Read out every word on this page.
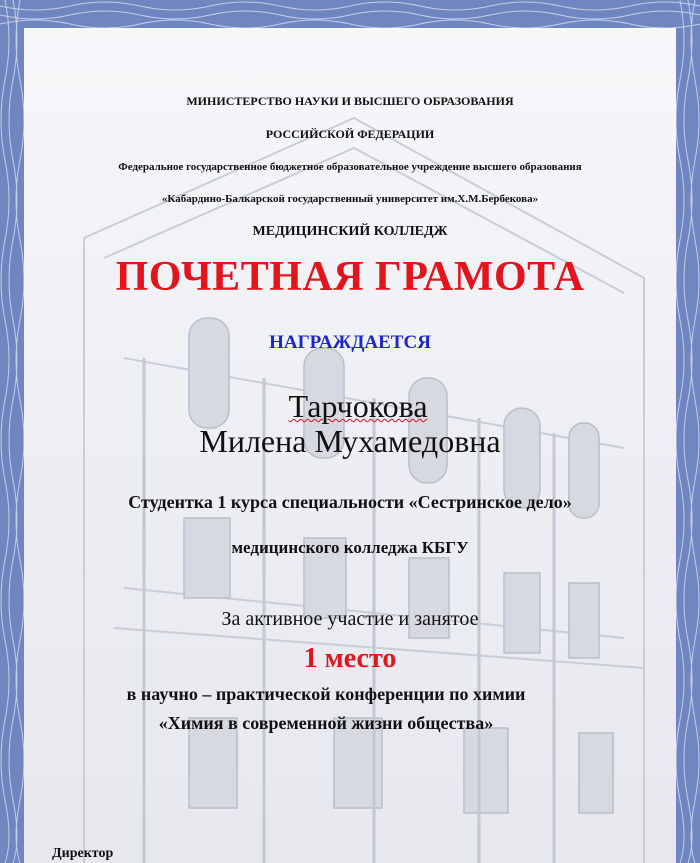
МИНИСТЕРСТВО НАУКИ И ВЫСШЕГО ОБРАЗОВАНИЯ
РОССИЙСКОЙ ФЕДЕРАЦИИ
Федеральное государственное бюджетное образовательное учреждение высшего образования
«Кабардино-Балкарской государственный университет им.Х.М.Бербекова»
МЕДИЦИНСКИЙ КОЛЛЕДЖ
ПОЧЕТНАЯ ГРАМОТА
НАГРАЖДАЕТСЯ
Тарчокова
Милена Мухамедовна
Студентка 1 курса специальности «Сестринское дело»
медицинского колледжа КБГУ
За активное участие и занятое
1 место
в научно – практической конференции по химии
«Химия в современной жизни общества»
Директор
